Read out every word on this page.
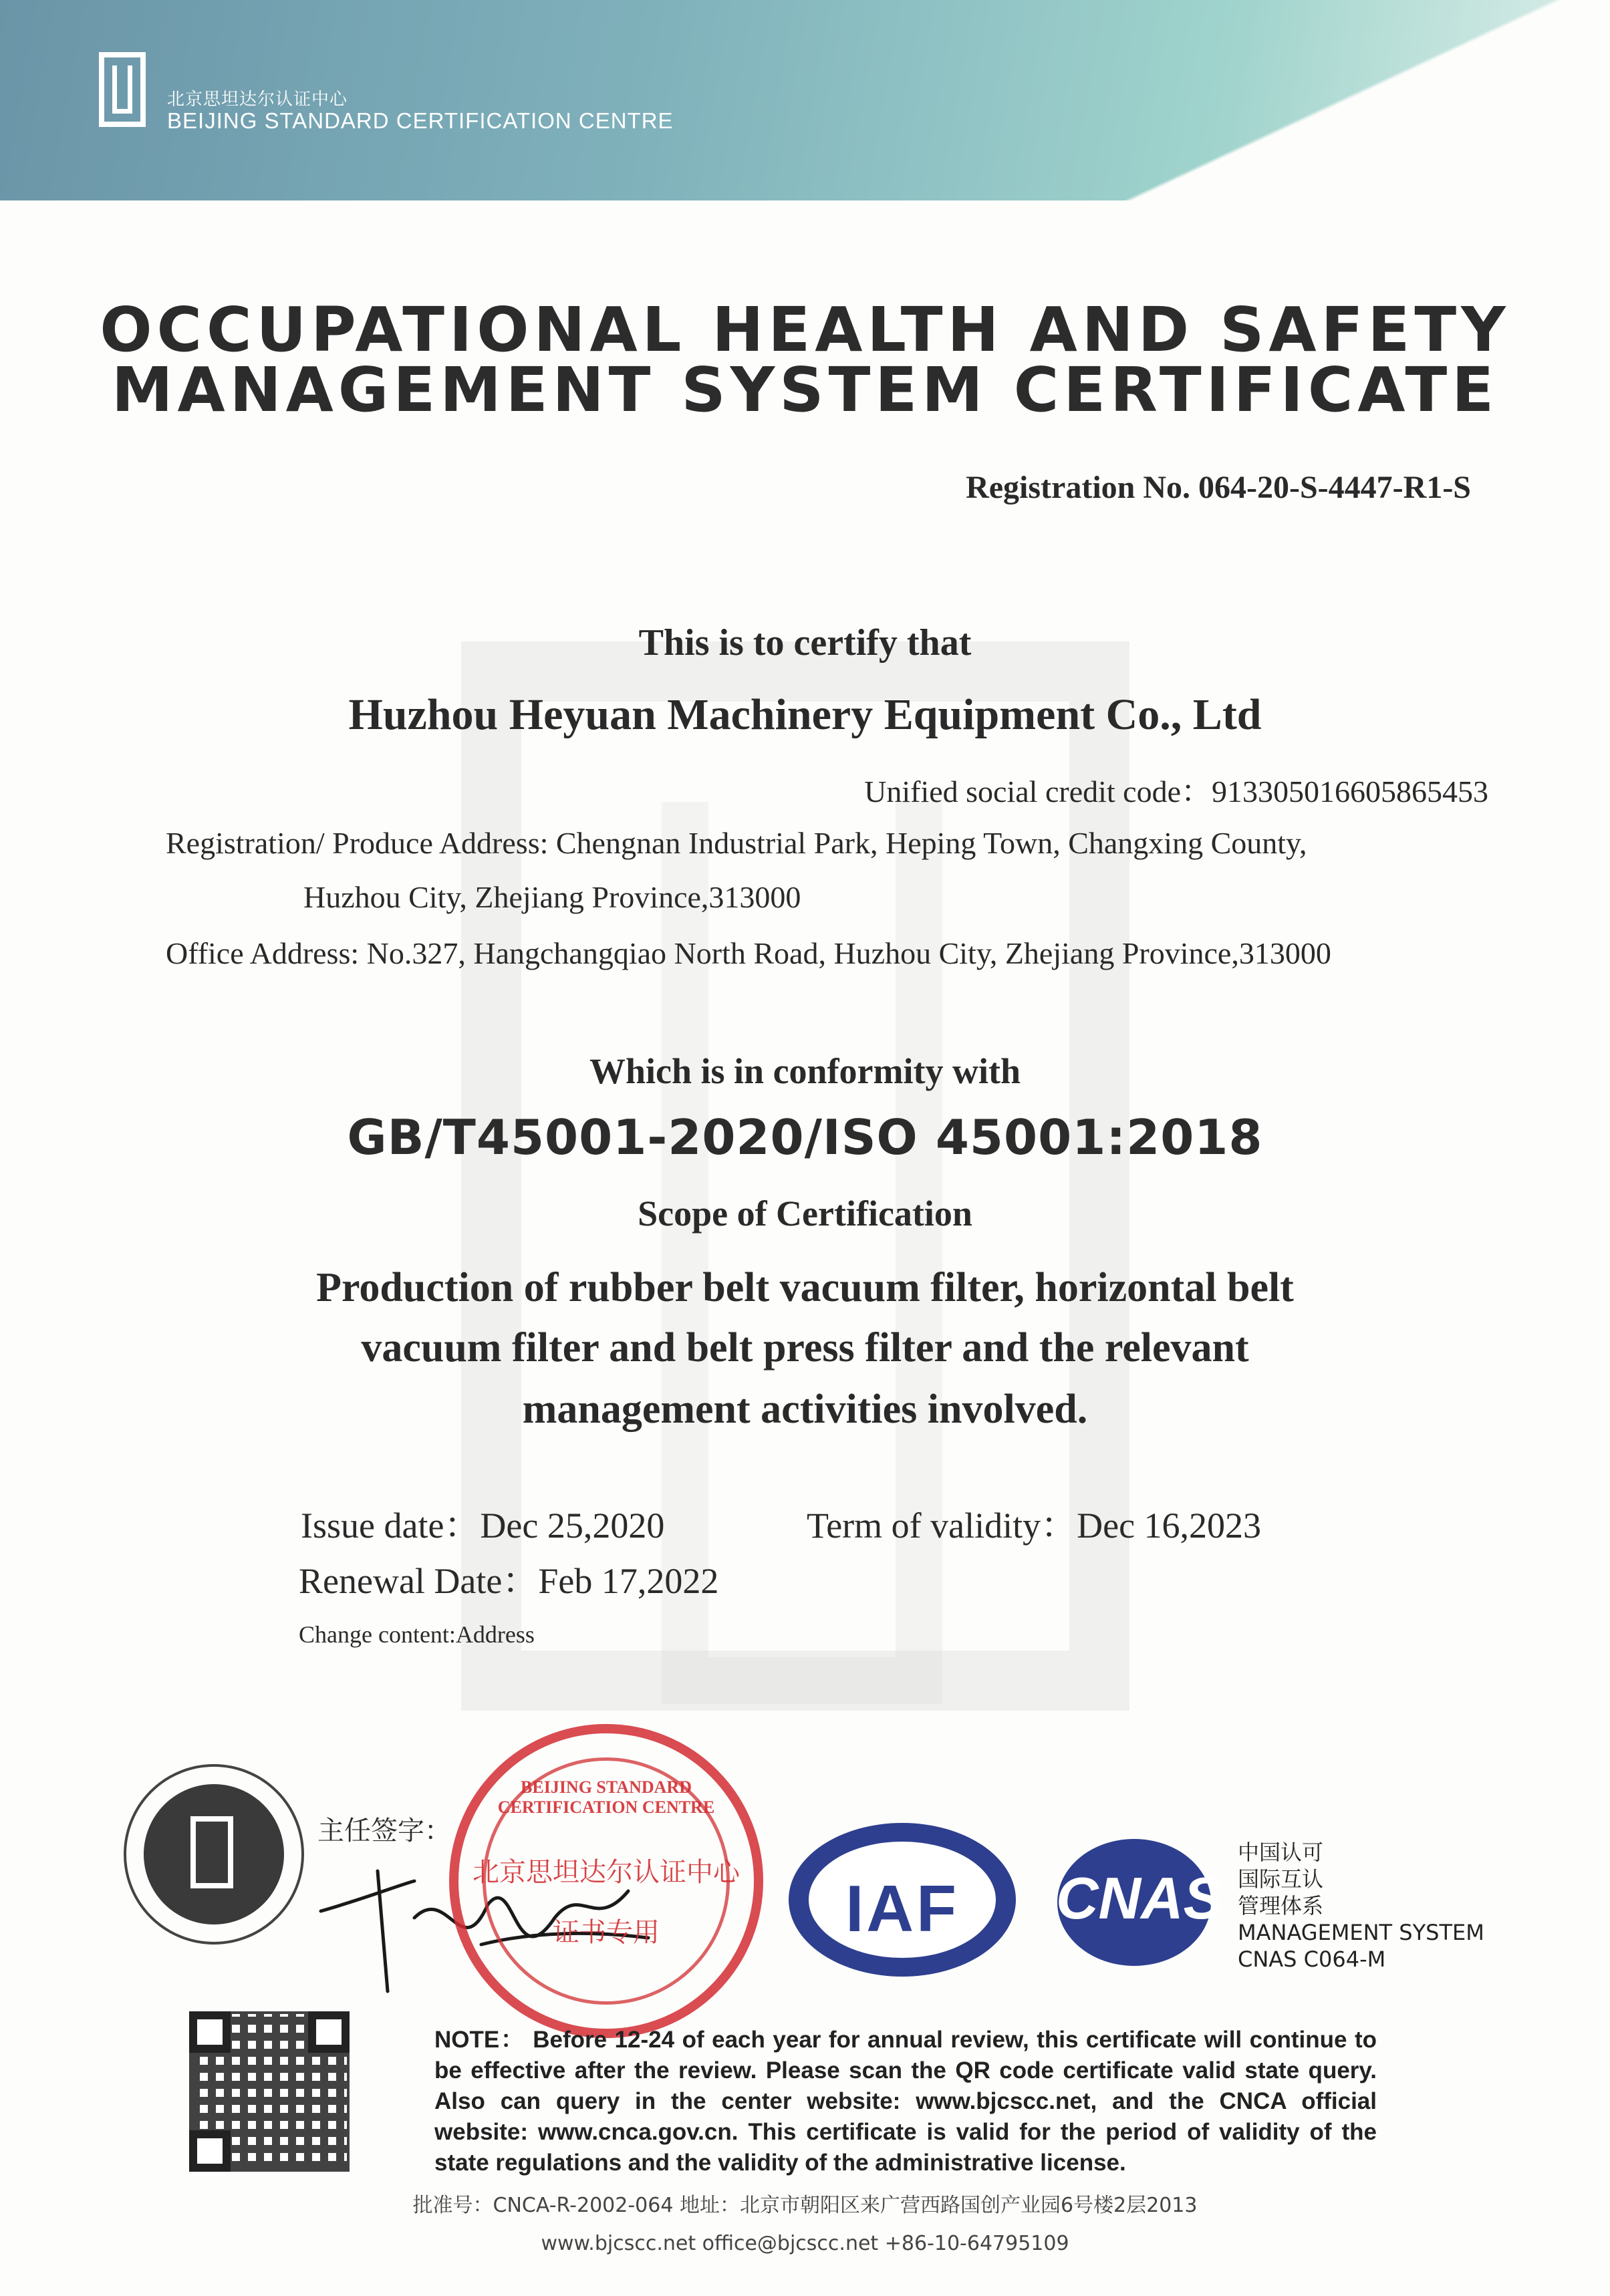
北京思坦达尔认证中心
BEIJING STANDARD CERTIFICATION CENTRE
OCCUPATIONAL HEALTH AND SAFETY
MANAGEMENT SYSTEM CERTIFICATE
Registration No. 064-20-S-4447-R1-S
This is to certify that
Huzhou Heyuan Machinery Equipment Co., Ltd
Unified social credit code：913305016605865453
Registration/ Produce Address: Chengnan Industrial Park, Heping Town, Changxing County,
Huzhou City, Zhejiang Province,313000
Office Address: No.327, Hangchangqiao North Road, Huzhou City, Zhejiang Province,313000
Which is in conformity with
GB/T45001-2020/ISO 45001:2018
Scope of Certification
Production of rubber belt vacuum filter, horizontal belt
vacuum filter and belt press filter and the relevant
management activities involved.
Issue date：Dec 25,2020	Term of validity：Dec 16,2023
Renewal Date：Feb 17,2022
Change content:Address
主任签字：
北京思坦达尔认证中心
证书专用
BEIJING STANDARD CERTIFICATION CENTRE
IAF	CNAS
中国认可
国际互认
管理体系
MANAGEMENT SYSTEM
CNAS C064-M
NOTE： Before 12-24 of each year for annual review, this certificate will continue to be effective after the review. Please scan the QR code certificate valid state query. Also can query in the center website: www.bjcscc.net, and the CNCA official website: www.cnca.gov.cn. This certificate is valid for the period of validity of the state regulations and the validity of the administrative license.
批准号：CNCA-R-2002-064 地址：北京市朝阳区来广营西路国创产业园6号楼2层2013
www.bjcscc.net office@bjcscc.net +86-10-64795109
